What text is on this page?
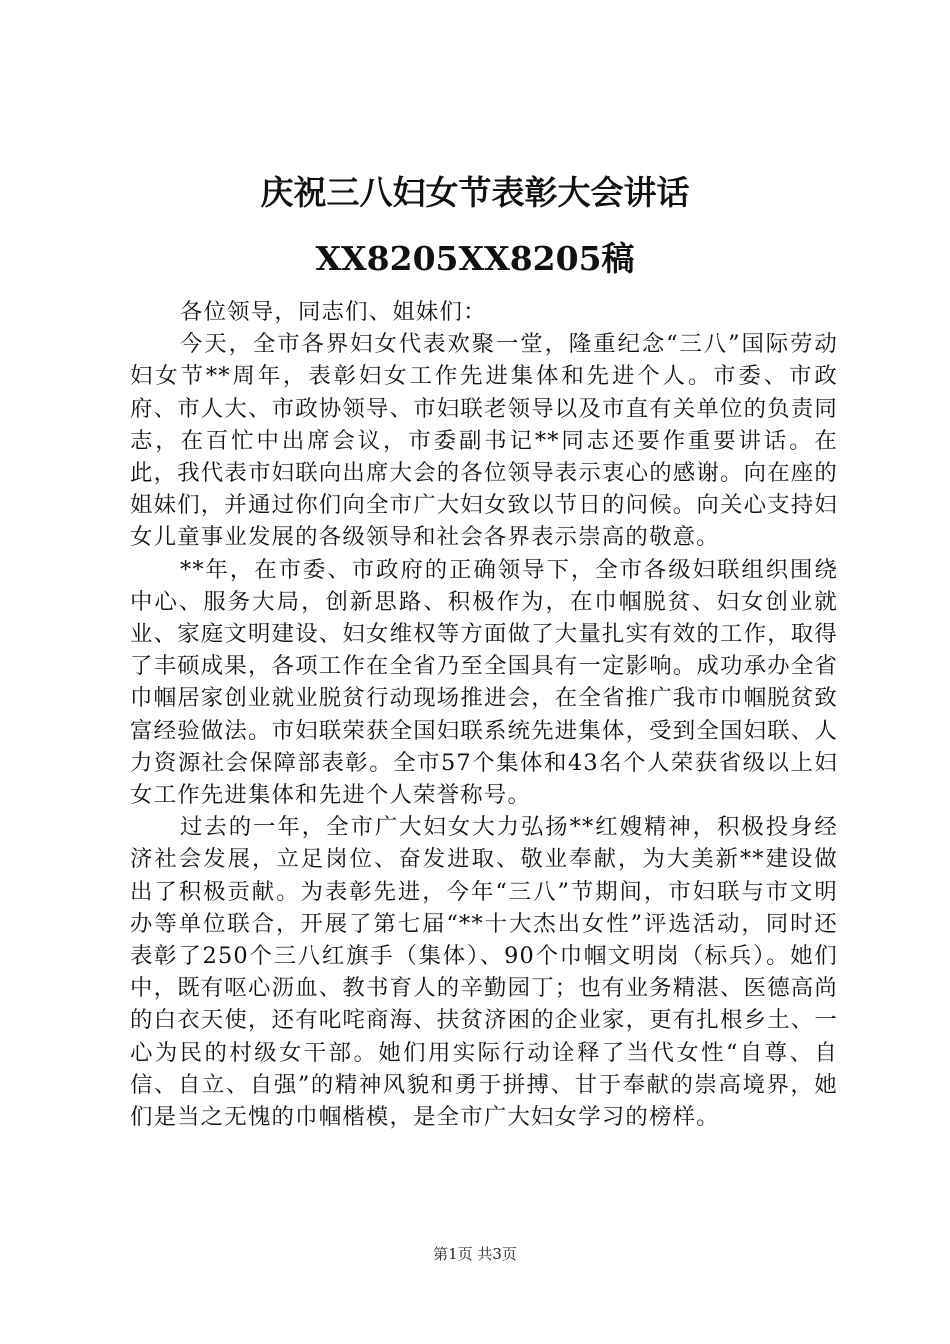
庆祝三八妇女节表彰大会讲话XX8205XX8205稿

各位领导，同志们、姐妹们：

今天，全市各界妇女代表欢聚一堂，隆重纪念“三八”国际劳动妇女节**周年，表彰妇女工作先进集体和先进个人。市委、市政府、市人大、市政协领导、市妇联老领导以及市直有关单位的负责同志，在百忙中出席会议，市委副书记**同志还要作重要讲话。在此，我代表市妇联向出席大会的各位领导表示衷心的感谢。向在座的姐妹们，并通过你们向全市广大妇女致以节日的问候。向关心支持妇女儿童事业发展的各级领导和社会各界表示崇高的敬意。

**年，在市委、市政府的正确领导下，全市各级妇联组织围绕中心、服务大局，创新思路、积极作为，在巾帼脱贫、妇女创业就业、家庭文明建设、妇女维权等方面做了大量扎实有效的工作，取得了丰硕成果，各项工作在全省乃至全国具有一定影响。成功承办全省巾帼居家创业就业脱贫行动现场推进会，在全省推广我市巾帼脱贫致富经验做法。市妇联荣获全国妇联系统先进集体，受到全国妇联、人力资源社会保障部表彰。全市57个集体和43名个人荣获省级以上妇女工作先进集体和先进个人荣誉称号。

过去的一年，全市广大妇女大力弘扬**红嫂精神，积极投身经济社会发展，立足岗位、奋发进取、敬业奉献，为大美新**建设做出了积极贡献。为表彰先进，今年“三八”节期间，市妇联与市文明办等单位联合，开展了第七届“**十大杰出女性”评选活动，同时还表彰了250个三八红旗手（集体）、90个巾帼文明岗（标兵）。她们中，既有呕心沥血、教书育人的辛勤园丁；也有业务精湛、医德高尚的白衣天使，还有叱咤商海、扶贫济困的企业家，更有扎根乡土、一心为民的村级女干部。她们用实际行动诠释了当代女性“自尊、自信、自立、自强”的精神风貌和勇于拼搏、甘于奉献的崇高境界，她们是当之无愧的巾帼楷模，是全市广大妇女学习的榜样。

第1页 共3页
